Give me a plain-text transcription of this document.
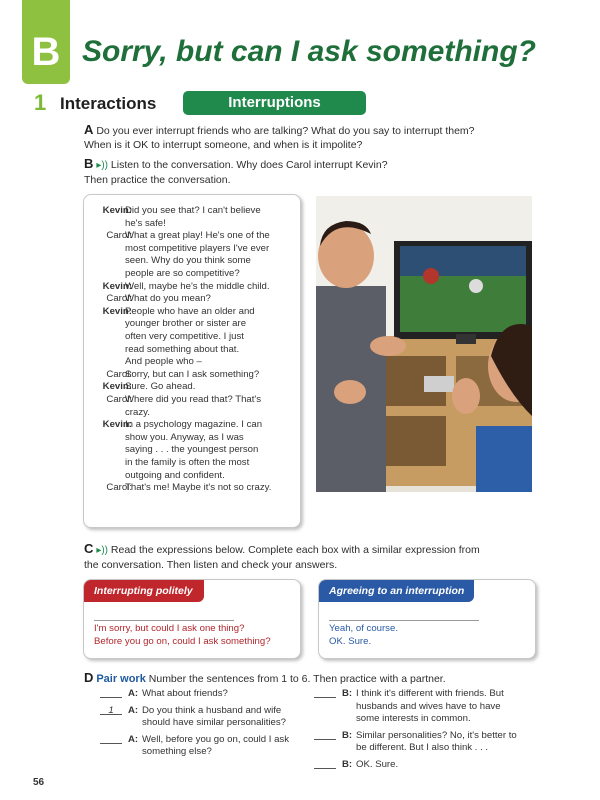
B Sorry, but can I ask something?
1 Interactions	Interruptions
A Do you ever interrupt friends who are talking? What do you say to interrupt them?
When is it OK to interrupt someone, and when is it impolite?
B ▸)) Listen to the conversation. Why does Carol interrupt Kevin?
Then practice the conversation.
Kevin:
Did you see that? I can't believe
he's safe!
Carol:
What a great play! He's one of the
most competitive players I've ever
seen. Why do you think some
people are so competitive?
Kevin:
Well, maybe he's the middle child.
Carol:
What do you mean?
Kevin:
People who have an older and
younger brother or sister are
often very competitive. I just
read something about that.
And people who –
Carol:
Sorry, but can I ask something?
Kevin:
Sure. Go ahead.
Carol:
Where did you read that? That's
crazy.
Kevin:
In a psychology magazine. I can
show you. Anyway, as I was
saying . . . the youngest person
in the family is often the most
outgoing and confident.
Carol:
That's me! Maybe it's not so crazy.
C ▸)) Read the expressions below. Complete each box with a similar expression from
the conversation. Then listen and check your answers.
Interrupting politely
I'm sorry, but could I ask one thing?
Before you go on, could I ask something?
Agreeing to an interruption
Yeah, of course.
OK. Sure.
D Pair work Number the sentences from 1 to 6. Then practice with a partner.
A: What about friends?
1	A: Do you think a husband and wife
should have similar personalities?
A: Well, before you go on, could I ask
something else?
B: I think it's different with friends. But
husbands and wives have to have
some interests in common.
B: Similar personalities? No, it's better to
be different. But I also think . . .
B: OK. Sure.
56
